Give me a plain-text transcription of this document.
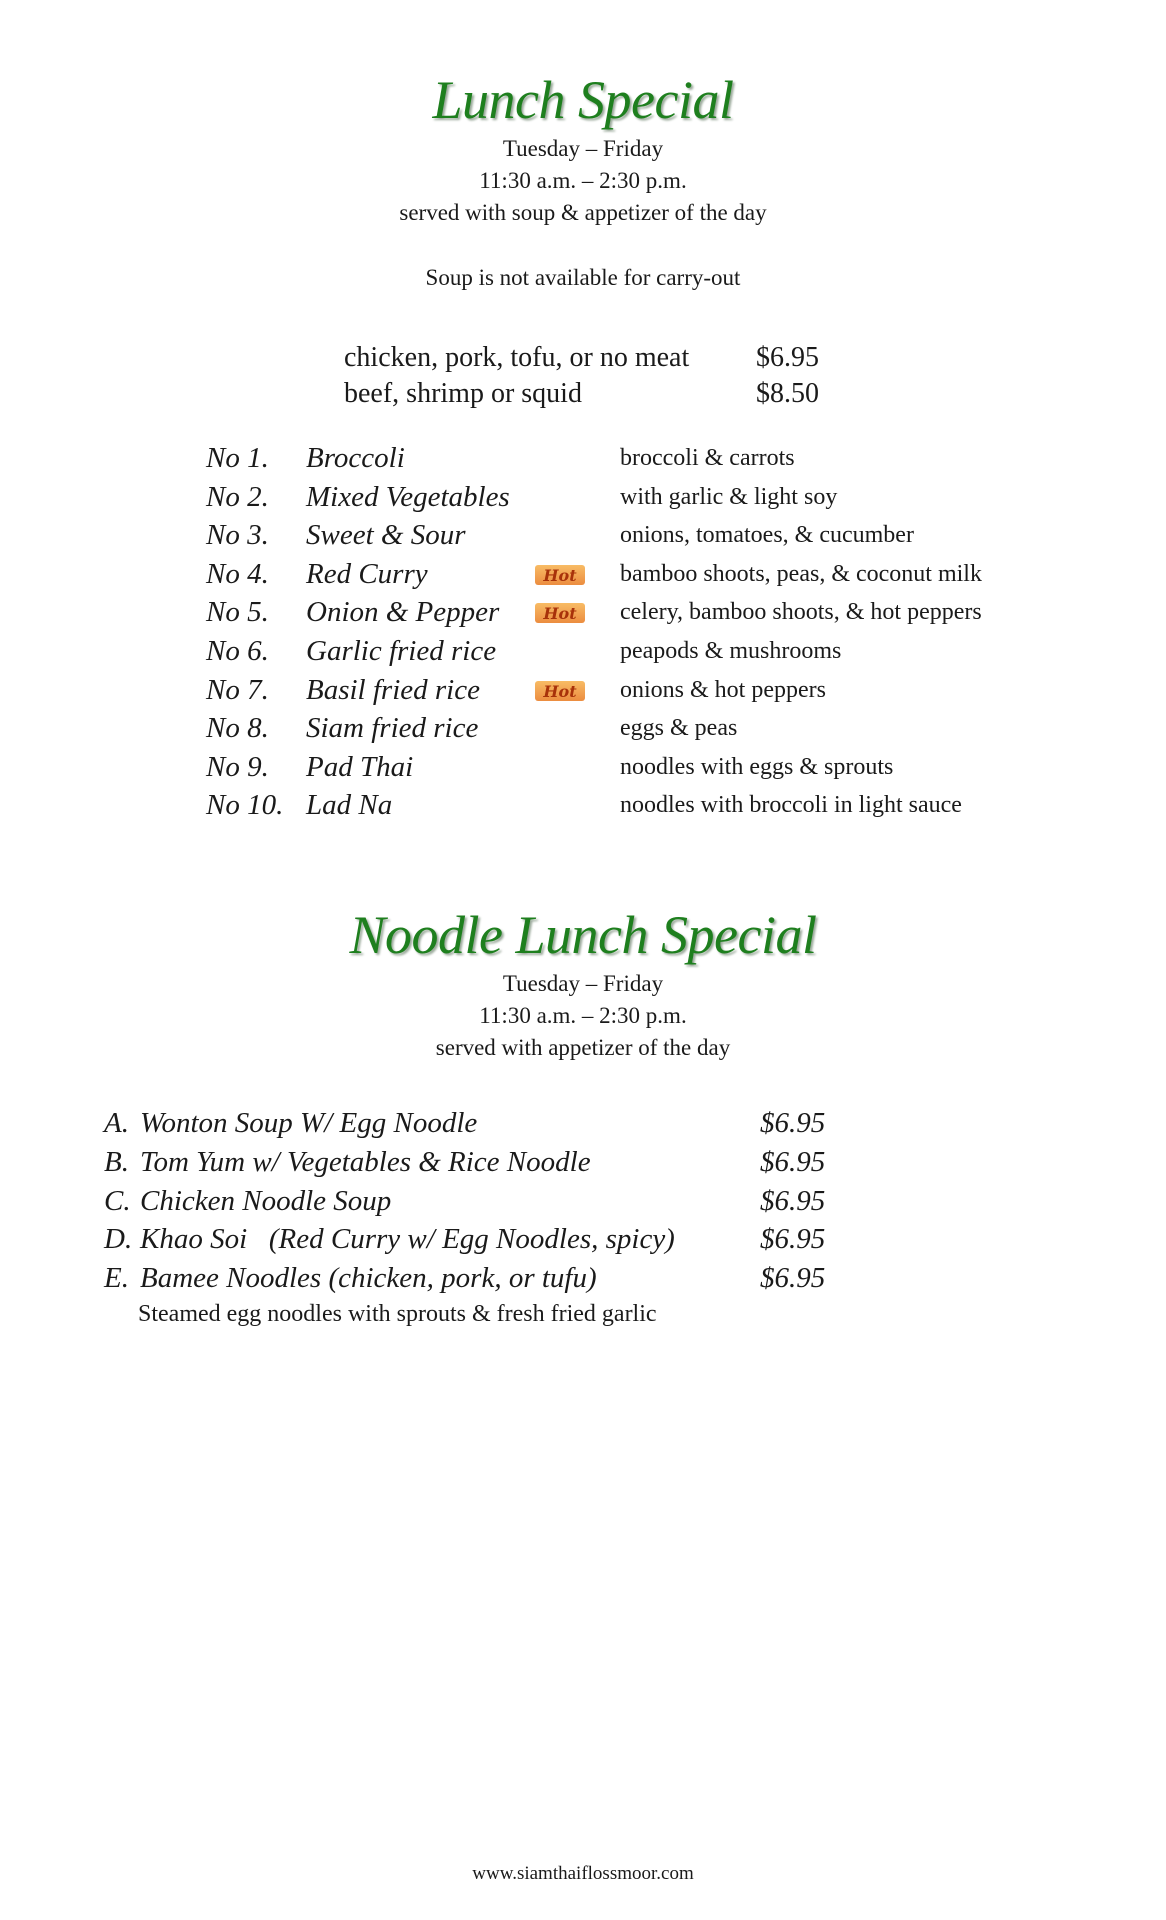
Lunch Special
Tuesday – Friday
11:30 a.m. – 2:30 p.m.
served with soup & appetizer of the day
Soup is not available for carry-out
chicken, pork, tofu, or no meat $6.95
beef, shrimp or squid	$8.50
No 1. Broccoli	broccoli & carrots
No 2. Mixed Vegetables	with garlic & light soy
No 3. Sweet & Sour	onions, tomatoes, & cucumber
No 4. Red Curry	Hot bamboo shoots, peas, & coconut milk
No 5. Onion & Pepper	Hot celery, bamboo shoots, & hot peppers
No 6. Garlic fried rice	peapods & mushrooms
No 7. Basil fried rice	Hot onions & hot peppers
No 8. Siam fried rice	eggs & peas
No 9. Pad Thai	noodles with eggs & sprouts
No 10. Lad Na	noodles with broccoli in light sauce
Noodle Lunch Special
Tuesday – Friday
11:30 a.m. – 2:30 p.m.
served with appetizer of the day
A. Wonton Soup W/ Egg Noodle	$6.95
B. Tom Yum w/ Vegetables & Rice Noodle	$6.95
C. Chicken Noodle Soup	$6.95
D. Khao Soi   (Red Curry w/ Egg Noodles, spicy)	$6.95
E. Bamee Noodles (chicken, pork, or tufu)	$6.95
Steamed egg noodles with sprouts & fresh fried garlic
www.siamthaiflossmoor.com
